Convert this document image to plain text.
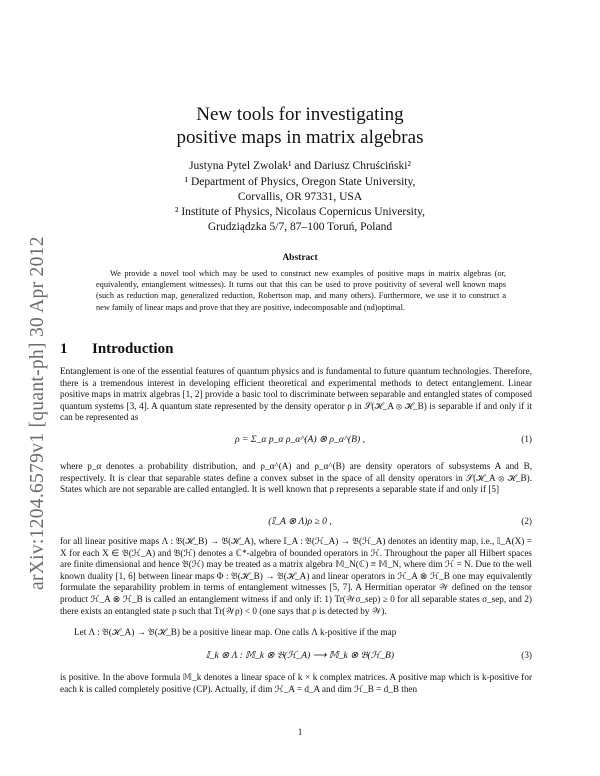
arXiv:1204.6579v1 [quant-ph] 30 Apr 2012
New tools for investigating
positive maps in matrix algebras
Justyna Pytel Zwolak¹ and Dariusz Chruściński²
¹ Department of Physics, Oregon State University,
Corvallis, OR 97331, USA
² Institute of Physics, Nicolaus Copernicus University,
Grudziądzka 5/7, 87–100 Toruń, Poland
Abstract
We provide a novel tool which may be used to construct new examples of positive maps in matrix algebras (or, equivalently, entanglement witnesses). It turns out that this can be used to prove positivity of several well known maps (such as reduction map, generalized reduction, Robertson map, and many others). Furthermore, we use it to construct a new family of linear maps and prove that they are positive, indecomposable and (nd)optimal.
1 Introduction
Entanglement is one of the essential features of quantum physics and is fundamental to future quantum technologies. Therefore, there is a tremendous interest in developing efficient theoretical and experimental methods to detect entanglement. Linear positive maps in matrix algebras [1, 2] provide a basic tool to discriminate between separable and entangled states of composed quantum systems [3, 4]. A quantum state represented by the density operator ρ in 𝒮(ℋ_A ⊗ ℋ_B) is separable if and only if it can be represented as
ρ = Σ_α p_α ρ_α^(A) ⊗ ρ_α^(B) ,	(1)
where p_α denotes a probability distribution, and ρ_α^(A) and ρ_α^(B) are density operators of subsystems A and B, respectively. It is clear that separable states define a convex subset in the space of all density operators in 𝒮(ℋ_A ⊗ ℋ_B). States which are not separable are called entangled. It is well known that ρ represents a separable state if and only if [5]
(𝕀_A ⊗ Λ)ρ ≥ 0 ,	(2)
for all linear positive maps Λ : 𝔅(ℋ_B) → 𝔅(ℋ_A), where 𝕀_A : 𝔅(ℋ_A) → 𝔅(ℋ_A) denotes an identity map, i.e., 𝕀_A(X) = X for each X ∈ 𝔅(ℋ_A) and 𝔅(ℋ) denotes a ℂ*-algebra of bounded operators in ℋ. Throughout the paper all Hilbert spaces are finite dimensional and hence 𝔅(ℋ) may be treated as a matrix algebra 𝕄_N(ℂ) ≡ 𝕄_N, where dim ℋ = N. Due to the well known duality [1, 6] between linear maps Φ : 𝔅(ℋ_B) → 𝔅(ℋ_A) and linear operators in ℋ_A ⊗ ℋ_B one may equivalently formulate the separability problem in terms of entanglement witnesses [5, 7]. A Hermitian operator 𝒲 defined on the tensor product ℋ_A ⊗ ℋ_B is called an entanglement witness if and only if: 1) Tr(𝒲σ_sep) ≥ 0 for all separable states σ_sep, and 2) there exists an entangled state ρ such that Tr(𝒲ρ) < 0 (one says that ρ is detected by 𝒲).
Let Λ : 𝔅(ℋ_A) → 𝔅(ℋ_B) be a positive linear map. One calls Λ k-positive if the map
𝕀_k ⊗ Λ : 𝕄_k ⊗ 𝔅(ℋ_A) ⟶ 𝕄_k ⊗ 𝔅(ℋ_B)	(3)
is positive. In the above formula 𝕄_k denotes a linear space of k × k complex matrices. A positive map which is k-positive for each k is called completely positive (CP). Actually, if dim ℋ_A = d_A and dim ℋ_B = d_B then
1
